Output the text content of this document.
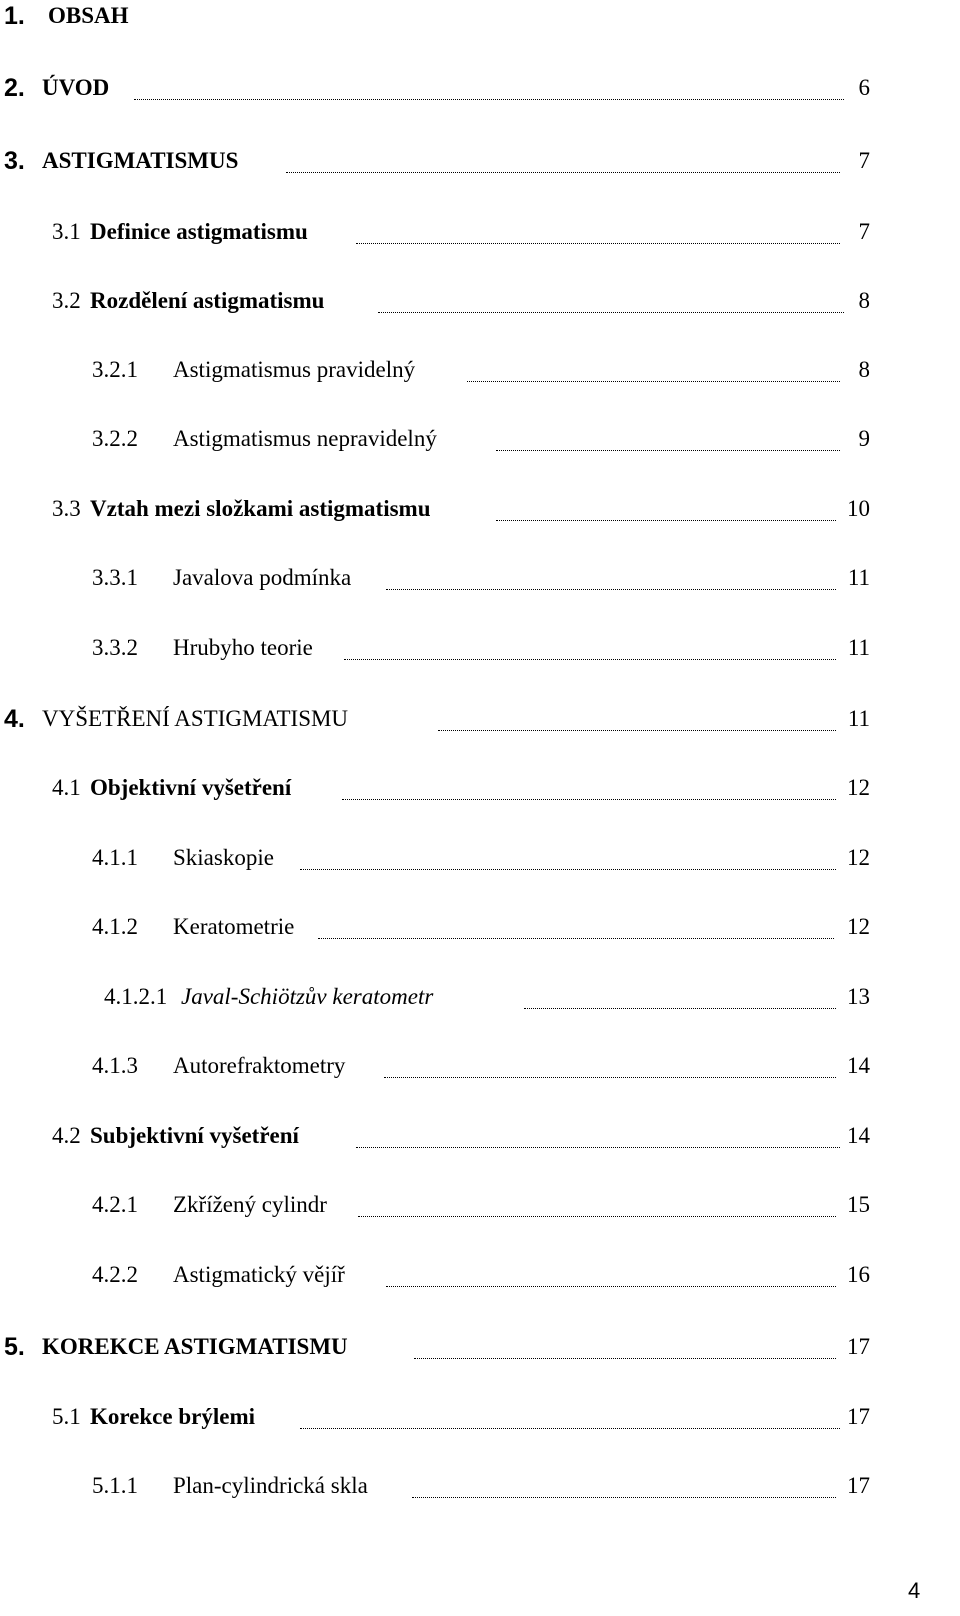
1. OBSAH
2. ÚVOD	6
3. ASTIGMATISMUS	7
3.1 Definice astigmatismu	7
3.2 Rozdělení astigmatismu	8
3.2.1 Astigmatismus pravidelný	8
3.2.2 Astigmatismus nepravidelný	9
3.3 Vztah mezi složkami astigmatismu	10
3.3.1 Javalova podmínka	11
3.3.2 Hrubyho teorie	11
4. VYŠETŘENÍ ASTIGMATISMU	11
4.1 Objektivní vyšetření	12
4.1.1 Skiaskopie	12
4.1.2 Keratometrie	12
4.1.2.1 Javal-Schiötzův keratometr	13
4.1.3 Autorefraktometry	14
4.2 Subjektivní vyšetření	14
4.2.1 Zkřížený cylindr	15
4.2.2 Astigmatický vějíř	16
5. KOREKCE ASTIGMATISMU	17
5.1 Korekce brýlemi	17
5.1.1 Plan-cylindrická skla	17
4
